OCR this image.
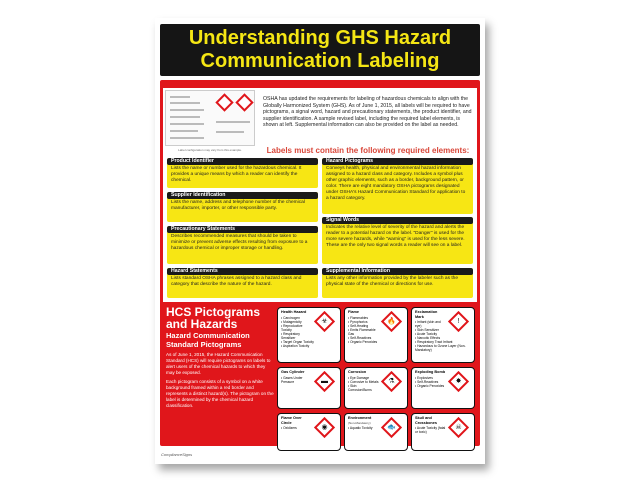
Understanding GHS Hazard
Communication Labeling
Label configuration may vary from this example.
OSHA has updated the requirements for labeling of hazardous chemicals to align with the Globally Harmonized System (GHS). As of June 1, 2015, all labels will be required to have pictograms, a signal word, hazard and precautionary statements, the product identifier, and supplier identification. A sample revised label, including the required label elements, is shown at left. Supplemental information can also be provided on the label as needed.
Labels must contain the following required elements:
Product Identifier
Lists the name or number used for the hazardous chemical. It provides a unique means by which a reader can identify the chemical.
Supplier Identification
Lists the name, address and telephone number of the chemical manufacturer, importer, or other responsible party.
Precautionary Statements
Describes recommended measures that should be taken to minimize or prevent adverse effects resulting from exposure to a hazardous chemical or improper storage or handling.
Hazard Statements
Lists standard OSHA phrases assigned to a hazard class and category that describe the nature of the hazard.
Hazard Pictograms
Conveys health, physical and environmental hazard information assigned to a hazard class and category. Includes a symbol plus other graphic elements, such as a border, background pattern, or color. There are eight mandatory OSHA pictograms designated under OSHA's Hazard Communication Standard for application to a hazard category.
Signal Words
Indicates the relative level of severity of the hazard and alerts the reader to a potential hazard on the label. "Danger" is used for the more severe hazards, while "warning" is used for the less severe. These are the only two signal words a reader will see on a label.
Supplemental Information
Lists any other information provided by the labeler such as the physical state of the chemical or directions for use.
HCS Pictograms and Hazards
Hazard Communication Standard Pictograms

As of June 1, 2015, the Hazard Communication Standard (HCS) will require pictograms on labels to alert users of the chemical hazards to which they may be exposed.

Each pictogram consists of a symbol on a white background framed within a red border and represents a distinct hazard(s). The pictogram on the label is determined by the chemical hazard classification.

☣
Health Hazard
• Carcinogen
• Mutagenicity
• Reproductive Toxicity
• Respiratory Sensitizer
• Target Organ Toxicity
• Aspiration Toxicity
🔥
Flame
• Flammables
• Pyrophorics
• Self-Heating
• Emits Flammable Gas
• Self-Reactives
• Organic Peroxides
!
Exclamation Mark
• Irritant (skin and eye)
• Skin Sensitizer
• Acute Toxicity
• Narcotic Effects
• Respiratory Tract Irritant
• Hazardous to Ozone Layer (Non-Mandatory)
▬
Gas Cylinder
• Gases Under Pressure	⚗
Corrosion
• Eye Damage
• Corrosive to Metals
• Skin Corrosion/Burns
✸
Exploding Bomb
• Explosives
• Self-Reactives
• Organic Peroxides
◉
Flame Over Circle
• Oxidizers	🐟
Environment
(Non-Mandatory)
• Aquatic Toxicity	☠
Skull and Crossbones
• Acute Toxicity (fatal or toxic)
ComplianceSigns
